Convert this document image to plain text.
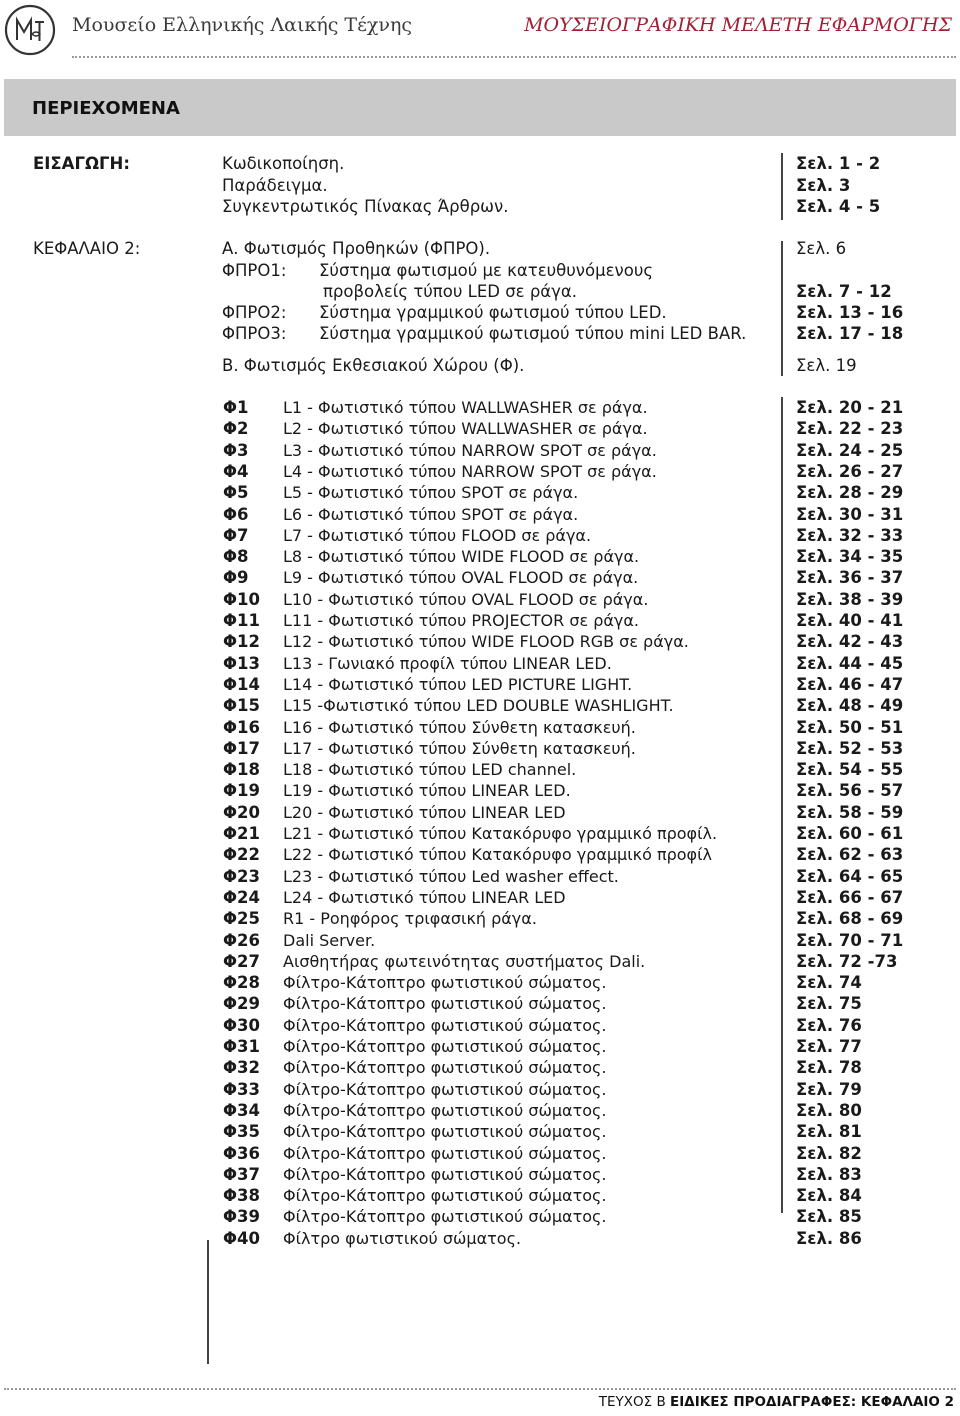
Μουσείο Ελληνικής Λαικής Τέχνης	ΜΟΥΣΕΙΟΓΡΑΦΙΚΗ ΜΕΛΕΤΗ ΕΦΑΡΜΟΓΗΣ
ΠΕΡΙΕΧΟΜΕΝΑ
ΕΙΣΑΓΩΓΗ:	Κωδικοποίηση.	Σελ. 1 - 2
Παράδειγμα.	Σελ. 3
Συγκεντρωτικός Πίνακας Άρθρων.	Σελ. 4 - 5
ΚΕΦΑΛΑΙΟ 2:	Α. Φωτισμός Προθηκών (ΦΠΡΟ).	Σελ. 6
ΦΠΡΟ1: Σύστημα φωτισμού με κατευθυνόμενους
προβολείς τύπου LED σε ράγα.	Σελ. 7 - 12
ΦΠΡΟ2: Σύστημα γραμμικού φωτισμού τύπου LED.	Σελ. 13 - 16
ΦΠΡΟ3: Σύστημα γραμμικού φωτισμού τύπου mini LED BAR.	Σελ. 17 - 18
Β. Φωτισμός Εκθεσιακού Χώρου (Φ).	Σελ. 19
Φ1 L1 - Φωτιστικό τύπου WALLWASHER σε ράγα.	Σελ. 20 - 21
Φ2 L2 - Φωτιστικό τύπου WALLWASHER σε ράγα.	Σελ. 22 - 23
Φ3 L3 - Φωτιστικό τύπου NARROW SPOT σε ράγα.	Σελ. 24 - 25
Φ4 L4 - Φωτιστικό τύπου NARROW SPOT σε ράγα.	Σελ. 26 - 27
Φ5 L5 - Φωτιστικό τύπου SPOT σε ράγα.	Σελ. 28 - 29
Φ6 L6 - Φωτιστικό τύπου SPOT σε ράγα.	Σελ. 30 - 31
Φ7 L7 - Φωτιστικό τύπου FLOOD σε ράγα.	Σελ. 32 - 33
Φ8 L8 - Φωτιστικό τύπου WIDE FLOOD σε ράγα.	Σελ. 34 - 35
Φ9 L9 - Φωτιστικό τύπου OVAL FLOOD σε ράγα.	Σελ. 36 - 37
Φ10 L10 - Φωτιστικό τύπου OVAL FLOOD σε ράγα.	Σελ. 38 - 39
Φ11 L11 - Φωτιστικό τύπου PROJECTOR σε ράγα.	Σελ. 40 - 41
Φ12 L12 - Φωτιστικό τύπου WIDE FLOOD RGB σε ράγα.	Σελ. 42 - 43
Φ13 L13 - Γωνιακό προφίλ τύπου LINEAR LED.	Σελ. 44 - 45
Φ14 L14 - Φωτιστικό τύπου LED PICTURE LIGHT.	Σελ. 46 - 47
Φ15 L15 -Φωτιστικό τύπου LED DOUBLE WASHLIGHT.	Σελ. 48 - 49
Φ16 L16 - Φωτιστικό τύπου Σύνθετη κατασκευή.	Σελ. 50 - 51
Φ17 L17 - Φωτιστικό τύπου Σύνθετη κατασκευή.	Σελ. 52 - 53
Φ18 L18 - Φωτιστικό τύπου LED channel.	Σελ. 54 - 55
Φ19 L19 - Φωτιστικό τύπου LINEAR LED.	Σελ. 56 - 57
Φ20 L20 - Φωτιστικό τύπου LINEAR LED	Σελ. 58 - 59
Φ21 L21 - Φωτιστικό τύπου Κατακόρυφο γραμμικό προφίλ.	Σελ. 60 - 61
Φ22 L22 - Φωτιστικό τύπου Κατακόρυφο γραμμικό προφίλ	Σελ. 62 - 63
Φ23 L23 - Φωτιστικό τύπου Led washer effect.	Σελ. 64 - 65
Φ24 L24 - Φωτιστικό τύπου LINEAR LED	Σελ. 66 - 67
Φ25 R1 - Ροηφόρος τριφασική ράγα.	Σελ. 68 - 69
Φ26 Dali Server.	Σελ. 70 - 71
Φ27 Αισθητήρας φωτεινότητας συστήματος Dali.	Σελ. 72 -73
Φ28 Φίλτρο-Κάτοπτρο φωτιστικού σώματος.	Σελ. 74
Φ29 Φίλτρο-Κάτοπτρο φωτιστικού σώματος.	Σελ. 75
Φ30 Φίλτρο-Κάτοπτρο φωτιστικού σώματος.	Σελ. 76
Φ31 Φίλτρο-Κάτοπτρο φωτιστικού σώματος.	Σελ. 77
Φ32 Φίλτρο-Κάτοπτρο φωτιστικού σώματος.	Σελ. 78
Φ33 Φίλτρο-Κάτοπτρο φωτιστικού σώματος.	Σελ. 79
Φ34 Φίλτρο-Κάτοπτρο φωτιστικού σώματος.	Σελ. 80
Φ35 Φίλτρο-Κάτοπτρο φωτιστικού σώματος.	Σελ. 81
Φ36 Φίλτρο-Κάτοπτρο φωτιστικού σώματος.	Σελ. 82
Φ37 Φίλτρο-Κάτοπτρο φωτιστικού σώματος.	Σελ. 83
Φ38 Φίλτρο-Κάτοπτρο φωτιστικού σώματος.	Σελ. 84
Φ39 Φίλτρο-Κάτοπτρο φωτιστικού σώματος.	Σελ. 85
Φ40 Φίλτρο φωτιστικού σώματος.	Σελ. 86
ΤΕΥΧΟΣ Β ΕΙΔΙΚΕΣ ΠΡΟΔΙΑΓΡΑΦΕΣ: ΚΕΦΑΛΑΙΟ 2
